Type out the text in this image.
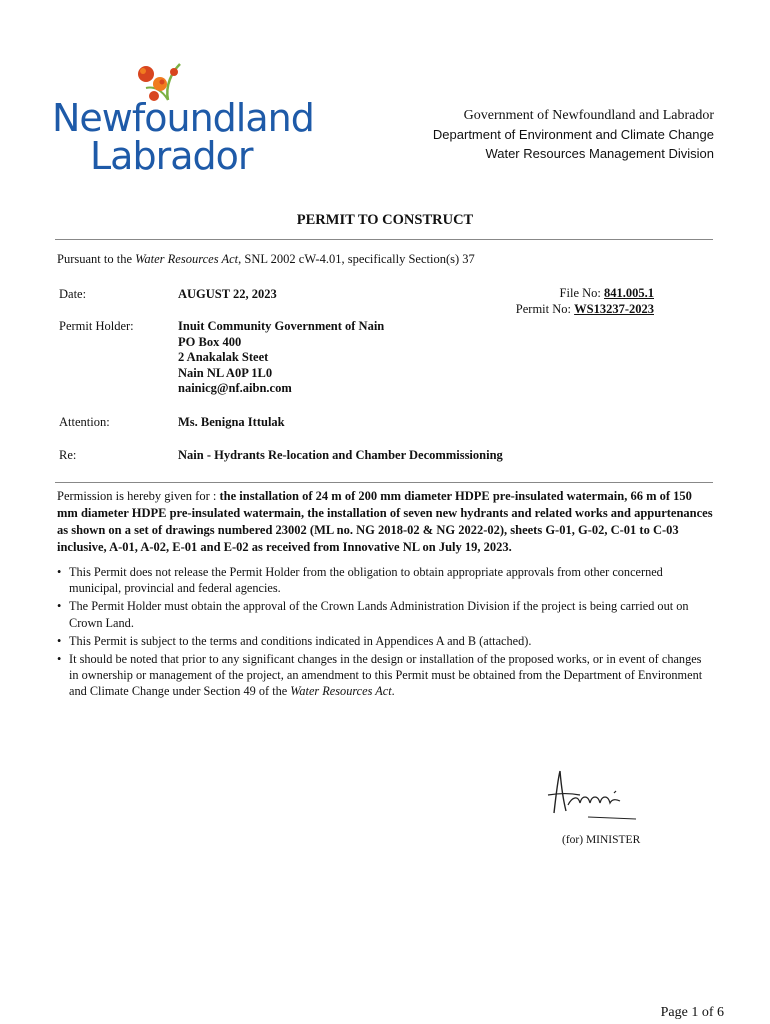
Newfoundland
Labrador
Government of Newfoundland and Labrador
Department of Environment and Climate Change
Water Resources Management Division
PERMIT TO CONSTRUCT
Pursuant to the Water Resources Act, SNL 2002 cW-4.01, specifically Section(s) 37
Date:	AUGUST 22, 2023	File No: 841.005.1
Permit No: WS13237-2023
Permit Holder:	Inuit Community Government of Nain
PO Box 400
2 Anakalak Steet
Nain NL A0P 1L0
nainicg@nf.aibn.com
Attention:	Ms. Benigna Ittulak
Re:	Nain - Hydrants Re-location and Chamber Decommissioning
Permission is hereby given for : the installation of 24 m of 200 mm diameter HDPE pre-insulated watermain, 66 m of 150 mm diameter HDPE pre-insulated watermain, the installation of seven new hydrants and related works and appurtenances as shown on a set of drawings numbered 23002 (ML no. NG 2018-02 & NG 2022-02), sheets G-01, G-02, C-01 to C-03 inclusive, A-01, A-02, E-01 and E-02 as received from Innovative NL on July 19, 2023.
• This Permit does not release the Permit Holder from the obligation to obtain appropriate approvals from other concerned municipal, provincial and federal agencies.
• The Permit Holder must obtain the approval of the Crown Lands Administration Division if the project is being carried out on Crown Land.
• This Permit is subject to the terms and conditions indicated in Appendices A and B (attached).
• It should be noted that prior to any significant changes in the design or installation of the proposed works, or in event of changes in ownership or management of the project, an amendment to this Permit must be obtained from the Department of Environment and Climate Change under Section 49 of the Water Resources Act.
(for) MINISTER
Page 1 of 6
